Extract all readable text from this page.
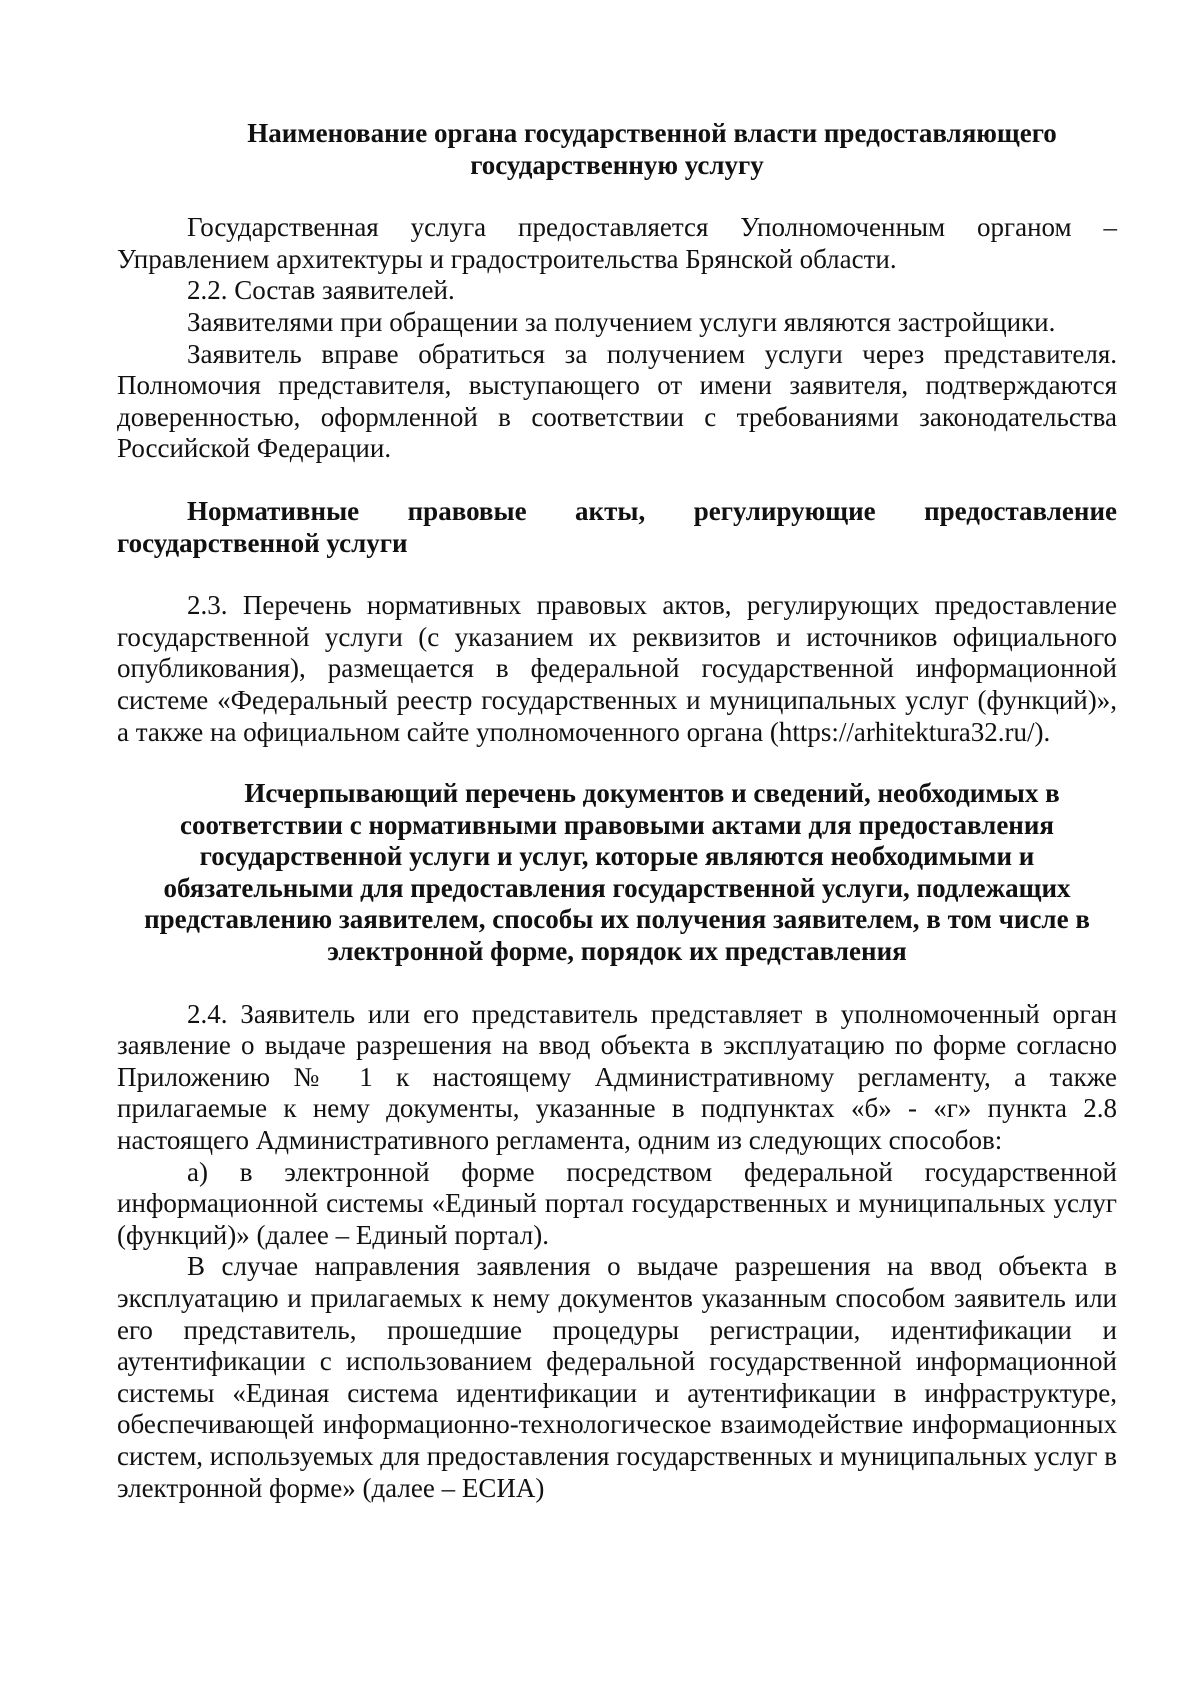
Наименование органа государственной власти предоставляющего
государственную услугу

Государственная услуга предоставляется Уполномоченным органом – Управлением архитектуры и градостроительства Брянской области.

2.2. Состав заявителей.

Заявителями при обращении за получением услуги являются застройщики.

Заявитель вправе обратиться за получением услуги через представителя. Полномочия представителя, выступающего от имени заявителя, подтверждаются доверенностью, оформленной в соответствии с требованиями законодательства Российской Федерации.

Нормативные правовые акты, регулирующие предоставление государственной услуги

2.3. Перечень нормативных правовых актов, регулирующих предоставление государственной услуги (с указанием их реквизитов и источников официального опубликования), размещается в федеральной государственной информационной системе «Федеральный реестр государственных и муниципальных услуг (функций)», а также на официальном сайте уполномоченного органа (https://arhitektura32.ru/).

Исчерпывающий перечень документов и сведений, необходимых в
соответствии с нормативными правовыми актами для предоставления
государственной услуги и услуг, которые являются необходимыми и
обязательными для предоставления государственной услуги, подлежащих
представлению заявителем, способы их получения заявителем, в том числе в
электронной форме, порядок их представления

2.4. Заявитель или его представитель представляет в уполномоченный орган заявление о выдаче разрешения на ввод объекта в эксплуатацию по форме согласно Приложению № 1 к настоящему Административному регламенту, а также прилагаемые к нему документы, указанные в подпунктах «б» - «г» пункта 2.8 настоящего Административного регламента, одним из следующих способов:

а) в электронной форме посредством федеральной государственной информационной системы «Единый портал государственных и муниципальных услуг (функций)» (далее – Единый портал).

В случае направления заявления о выдаче разрешения на ввод объекта в эксплуатацию и прилагаемых к нему документов указанным способом заявитель или его представитель, прошедшие процедуры регистрации, идентификации и аутентификации с использованием федеральной государственной информационной системы «Единая система идентификации и аутентификации в инфраструктуре, обеспечивающей информационно-технологическое взаимодействие информационных систем, используемых для предоставления государственных и муниципальных услуг в электронной форме» (далее – ЕСИА)
